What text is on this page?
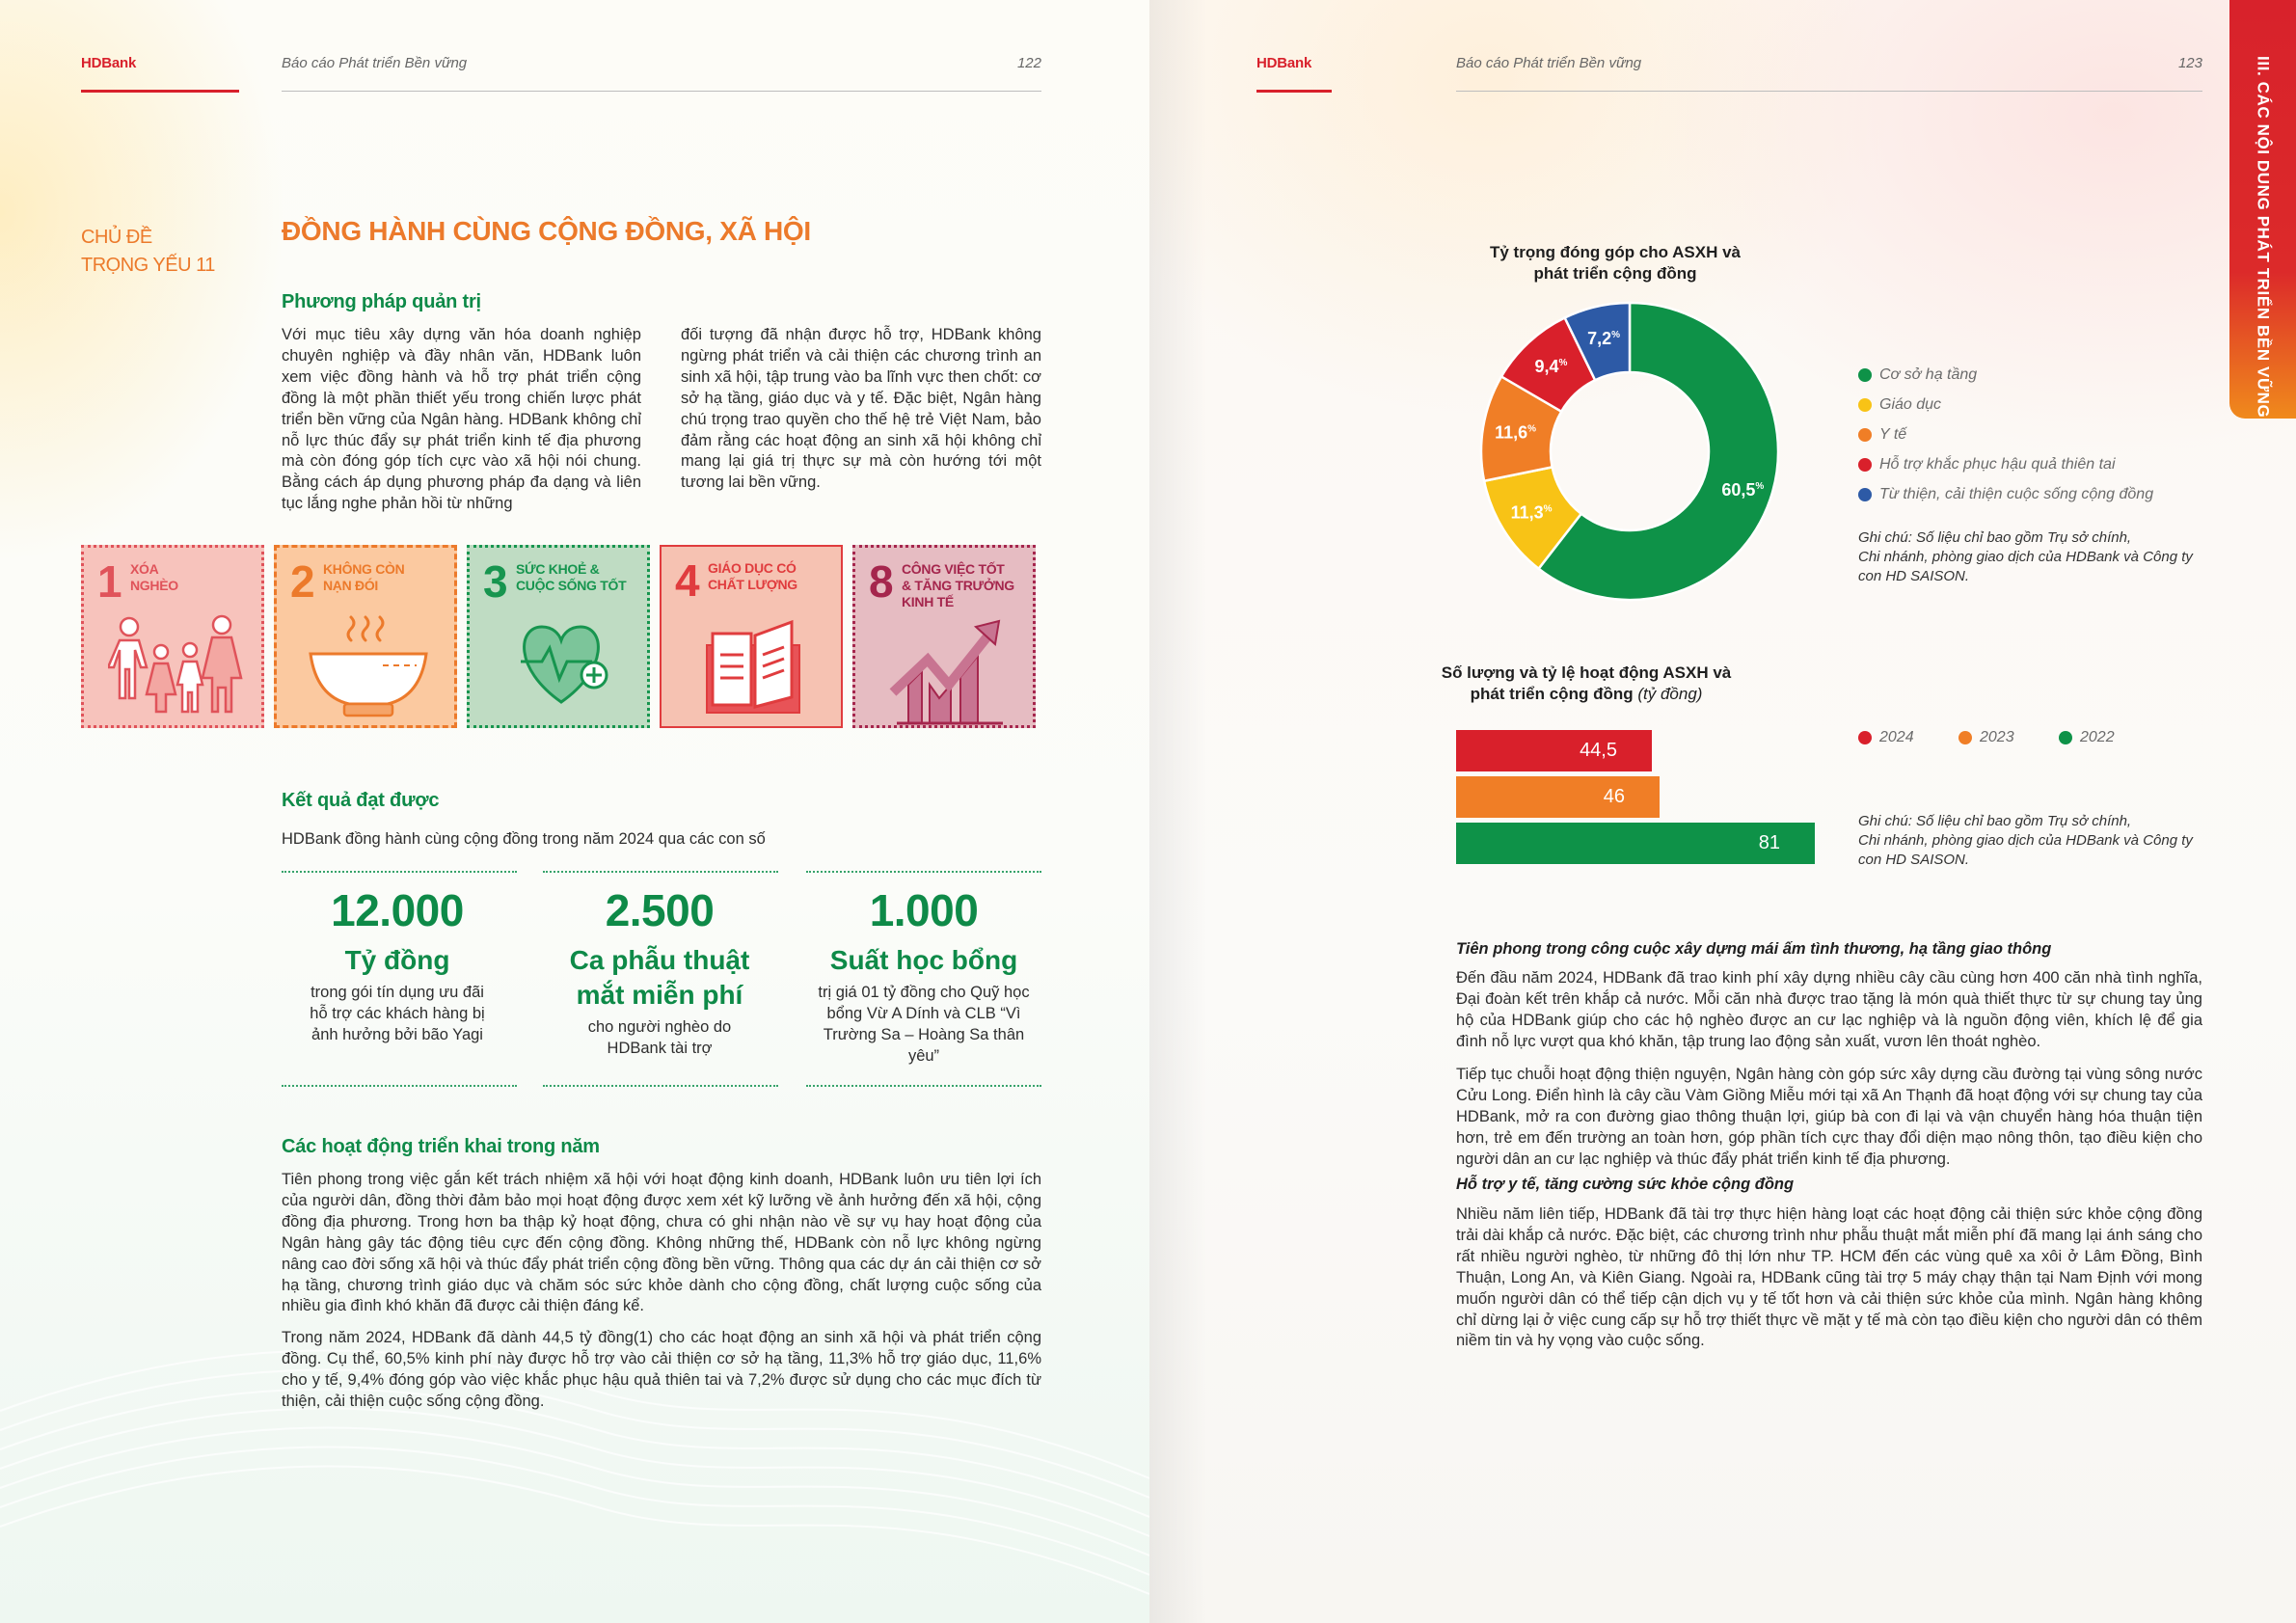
HDBank	Báo cáo Phát triển Bền vững	122
CHỦ ĐỀ
TRỌNG YẾU 11
ĐỒNG HÀNH CÙNG CỘNG ĐỒNG, XÃ HỘI
Phương pháp quản trị
Với mục tiêu xây dựng văn hóa doanh nghiệp chuyên nghiệp và đầy nhân văn, HDBank luôn xem việc đồng hành và hỗ trợ phát triển cộng đồng là một phần thiết yếu trong chiến lược phát triển bền vững của Ngân hàng. HDBank không chỉ nỗ lực thúc đẩy sự phát triển kinh tế địa phương mà còn đóng góp tích cực vào xã hội nói chung. Bằng cách áp dụng phương pháp đa dạng và liên tục lắng nghe phản hồi từ những
đối tượng đã nhận được hỗ trợ, HDBank không ngừng phát triển và cải thiện các chương trình an sinh xã hội, tập trung vào ba lĩnh vực then chốt: cơ sở hạ tầng, giáo dục và y tế. Đặc biệt, Ngân hàng chú trọng trao quyền cho thế hệ trẻ Việt Nam, bảo đảm rằng các hoạt động an sinh xã hội không chỉ mang lại giá trị thực sự mà còn hướng tới một tương lai bền vững.
1 XÓA
NGHÈO	2 KHÔNG CÒN
NẠN ĐÓI	3 SỨC KHOẺ &
CUỘC SỐNG TỐT 4 GIÁO DỤC CÓ
CHẤT LƯỢNG 8 CÔNG VIỆC TỐT
& TĂNG TRƯỞNG
KINH TẾ
Kết quả đạt được
HDBank đồng hành cùng cộng đồng trong năm 2024 qua các con số
12.000
Tỷ đồng
trong gói tín dụng ưu đãi hỗ trợ các khách hàng bị ảnh hưởng bởi bão Yagi
2.500
Ca phẫu thuật mắt miễn phí
cho người nghèo do HDBank tài trợ
1.000
Suất học bổng
trị giá 01 tỷ đồng cho Quỹ học bổng Vừ A Dính và CLB “Vì Trường Sa – Hoàng Sa thân yêu”
Các hoạt động triển khai trong năm
Tiên phong trong việc gắn kết trách nhiệm xã hội với hoạt động kinh doanh, HDBank luôn ưu tiên lợi ích của người dân, đồng thời đảm bảo mọi hoạt động được xem xét kỹ lưỡng về ảnh hưởng đến xã hội, cộng đồng địa phương. Trong hơn ba thập kỷ hoạt động, chưa có ghi nhận nào về sự vụ hay hoạt động của Ngân hàng gây tác động tiêu cực đến cộng đồng. Không những thế, HDBank còn nỗ lực không ngừng nâng cao đời sống xã hội và thúc đẩy phát triển cộng đồng bền vững. Thông qua các dự án cải thiện cơ sở hạ tầng, chương trình giáo dục và chăm sóc sức khỏe dành cho cộng đồng, chất lượng cuộc sống của nhiều gia đình khó khăn đã được cải thiện đáng kể.
Trong năm 2024, HDBank đã dành 44,5 tỷ đồng(1) cho các hoạt động an sinh xã hội và phát triển cộng đồng. Cụ thể, 60,5% kinh phí này được hỗ trợ vào cải thiện cơ sở hạ tầng, 11,3% hỗ trợ giáo dục, 11,6% cho y tế, 9,4% đóng góp vào việc khắc phục hậu quả thiên tai và 7,2% được sử dụng cho các mục đích từ thiện, cải thiện cuộc sống cộng đồng.
HDBank	Báo cáo Phát triển Bền vững	123	III. CÁC NỘI DUNG PHÁT TRIỂN BỀN VỮNG
Tỷ trọng đóng góp cho ASXH và
phát triển cộng đồng
60,5%
11,3%
11,6%
9,4%
7,2%
Cơ sở hạ tầng
Giáo dục
Y tế
Hỗ trợ khắc phục hậu quả thiên tai
Từ thiện, cải thiện cuộc sống cộng đồng
Ghi chú: Số liệu chỉ bao gồm Trụ sở chính,
Chi nhánh, phòng giao dịch của HDBank và Công ty
con HD SAISON.
Số lượng và tỷ lệ hoạt động ASXH và
phát triển cộng đồng (tỷ đồng)
44,5
46
81
2024	2023	2022
Ghi chú: Số liệu chỉ bao gồm Trụ sở chính,
Chi nhánh, phòng giao dịch của HDBank và Công ty
con HD SAISON.
Tiên phong trong công cuộc xây dựng mái ấm tình thương, hạ tầng giao thông
Đến đầu năm 2024, HDBank đã trao kinh phí xây dựng nhiều cây cầu cùng hơn 400 căn nhà tình nghĩa, Đại đoàn kết trên khắp cả nước. Mỗi căn nhà được trao tặng là món quà thiết thực từ sự chung tay ủng hộ của HDBank giúp cho các hộ nghèo được an cư lạc nghiệp và là nguồn động viên, khích lệ để gia đình nỗ lực vượt qua khó khăn, tập trung lao động sản xuất, vươn lên thoát nghèo.
Tiếp tục chuỗi hoạt động thiện nguyện, Ngân hàng còn góp sức xây dựng cầu đường tại vùng sông nước Cửu Long. Điển hình là cây cầu Vàm Giồng Miễu mới tại xã An Thạnh đã hoạt động với sự chung tay của HDBank, mở ra con đường giao thông thuận lợi, giúp bà con đi lại và vận chuyển hàng hóa thuận tiện hơn, trẻ em đến trường an toàn hơn, góp phần tích cực thay đổi diện mạo nông thôn, tạo điều kiện cho người dân an cư lạc nghiệp và thúc đẩy phát triển kinh tế địa phương.
Hỗ trợ y tế, tăng cường sức khỏe cộng đồng
Nhiều năm liên tiếp, HDBank đã tài trợ thực hiện hàng loạt các hoạt động cải thiện sức khỏe cộng đồng trải dài khắp cả nước. Đặc biệt, các chương trình như phẫu thuật mắt miễn phí đã mang lại ánh sáng cho rất nhiều người nghèo, từ những đô thị lớn như TP. HCM đến các vùng quê xa xôi ở Lâm Đồng, Bình Thuận, Long An, và Kiên Giang. Ngoài ra, HDBank cũng tài trợ 5 máy chạy thận tại Nam Định với mong muốn người dân có thể tiếp cận dịch vụ y tế tốt hơn và cải thiện sức khỏe của mình. Ngân hàng không chỉ dừng lại ở việc cung cấp sự hỗ trợ thiết thực về mặt y tế mà còn tạo điều kiện cho người dân có thêm niềm tin và hy vọng vào cuộc sống.
